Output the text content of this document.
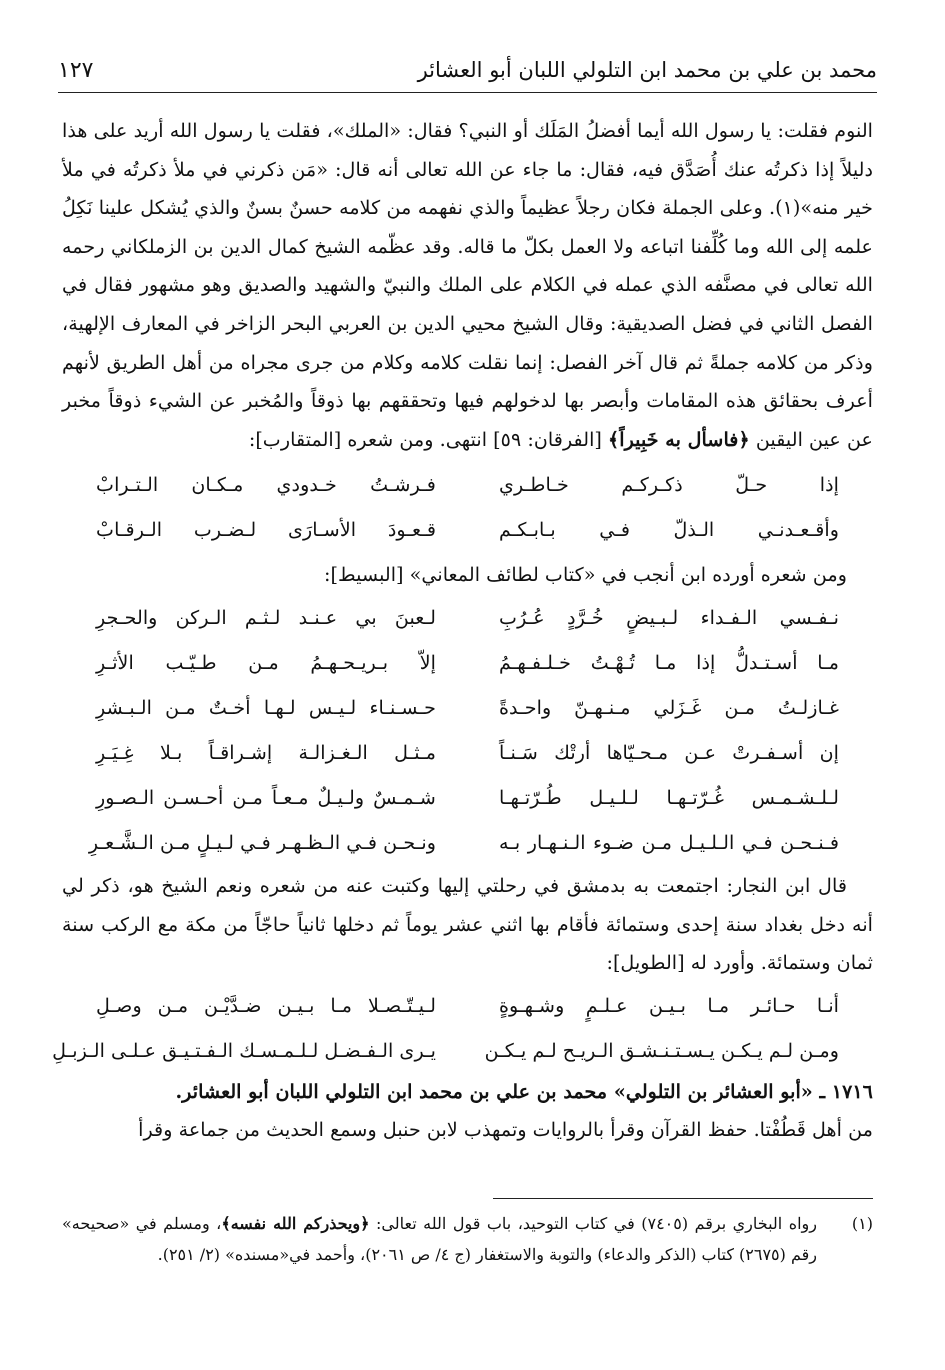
محمد بن علي بن محمد ابن التلولي اللبان أبو العشائر
١٢٧

النوم فقلت: يا رسول الله أيما أفضلُ المَلَك أو النبي؟ فقال: «الملك»، فقلت يا رسول الله أريد على هذا دليلاً إذا ذكرتُه عنك أُصَدَّق فيه، فقال: ما جاء عن الله تعالى أنه قال: «مَن ذكرني في ملأ ذكرتُه في ملأ خير منه»(١). وعلى الجملة فكان رجلاً عظيماً والذي نفهمه من كلامه حسنٌ بسنٌ والذي يُشكل علينا نَكِلُ علمه إلى الله وما كُلِّفنا اتباعه ولا العمل بكلّ ما قاله. وقد عظّمه الشيخ كمال الدين بن الزملكاني رحمه الله تعالى في مصنَّفه الذي عمله في الكلام على الملك والنبيّ والشهيد والصديق وهو مشهور فقال في الفصل الثاني في فضل الصديقية: وقال الشيخ محيي الدين بن العربي البحر الزاخر في المعارف الإلهية، وذكر من كلامه جملةً ثم قال آخر الفصل: إنما نقلت كلامه وكلام من جرى مجراه من أهل الطريق لأنهم أعرف بحقائق هذه المقامات وأبصر بها لدخولهم فيها وتحققهم بها ذوقاً والمُخبر عن الشيء ذوقاً مخبر عن عين اليقين ﴿فاسأل به خَبِيراً﴾ [الفرقان: ٥٩] انتهى. ومن شعره [المتقارب]:

إذا حـلّ ذكـركـم خـاطـري
فـرشـتُ خـدودي مـكـان الـتـرابْ
وأقـعـدنـي الـذلّ فـي بـابـكـم
قـعـودَ الأسـارَى لـضـرب الـرقـابْ

ومن شعره أورده ابن أنجب في «كتاب لطائف المعاني» [البسيط]:

نـفـسي الـفـداء لـبـيضٍ خُـرَّدٍ عُـرُبِ
لـعبنَ بي عـنـد لـثـم الـركن والحـجرِ
مـا أسـتـدلُّ إذا مـا تُـهْـتُ خـلـفـهـمُ
إلاّ بـريـحـهـمُ مـن طـيّـب الأثـرِ
غـازلـتُ مـن غَـزَلي مـنـهـنّ واحـدةً
حـسـنـاء لـيـس لـهـا أخـتٌ مـن الـبـشرِ
إن أسـفـرتْ عـن مـحـيّاها أرتْك سَـنـاً
مـثـل الـغـزالـة إشـراقـاً بـلا غِـيَـرِ
لـلـشـمـس غُـرّتـهـا لـلـيـل طُـرّتـهـا
شـمـسٌ ولـيـلٌ مـعـاً مـن أحـسـن الـصـورِ
فـنـحـن فـي الـلـيـل مـن ضـوء الـنـهـار بـه
ونـحـن فـي الـظـهـر فـي لـيـلٍ مـن الـشَّـعـرِ

قال ابن النجار: اجتمعت به بدمشق في رحلتي إليها وكتبت عنه من شعره ونعم الشيخ هو، ذكر لي أنه دخل بغداد سنة إحدى وستمائة فأقام بها اثني عشر يوماً ثم دخلها ثانياً حاجّاً من مكة مع الركب سنة ثمان وستمائة. وأورد له [الطويل]:

أنـا حـائـر مـا بـيـن عـلـمٍ وشـهـوةٍ
لـيـتّـصـلا مـا بـيـن ضـدَّيْـن مـن وصـلِ
ومـن لـم يـكـن يـسـتـنـشـق الـريـح لـم يـكـن
يـرى الـفـضـل لـلـمـسـك الـفـتـيـق عـلـى الـزبـلِ

١٧١٦ ـ «أبو العشائر بن التلولي» محمد بن علي بن محمد ابن التلولي اللبان أبو العشائر.

من أهل قَطُفْتا. حفظ القرآن وقرأ بالروايات وتمهذب لابن حنبل وسمع الحديث من جماعة وقرأ

(١)
رواه البخاري برقم (٧٤٠٥) في كتاب التوحيد، باب قول الله تعالى: ﴿ويحذركم الله نفسه﴾، ومسلم في «صحيحه» رقم (٢٦٧٥) كتاب (الذكر والدعاء) والتوبة والاستغفار (ج ٤/ ص ٢٠٦١)، وأحمد في«مسنده» (٢/ ٢٥١).
